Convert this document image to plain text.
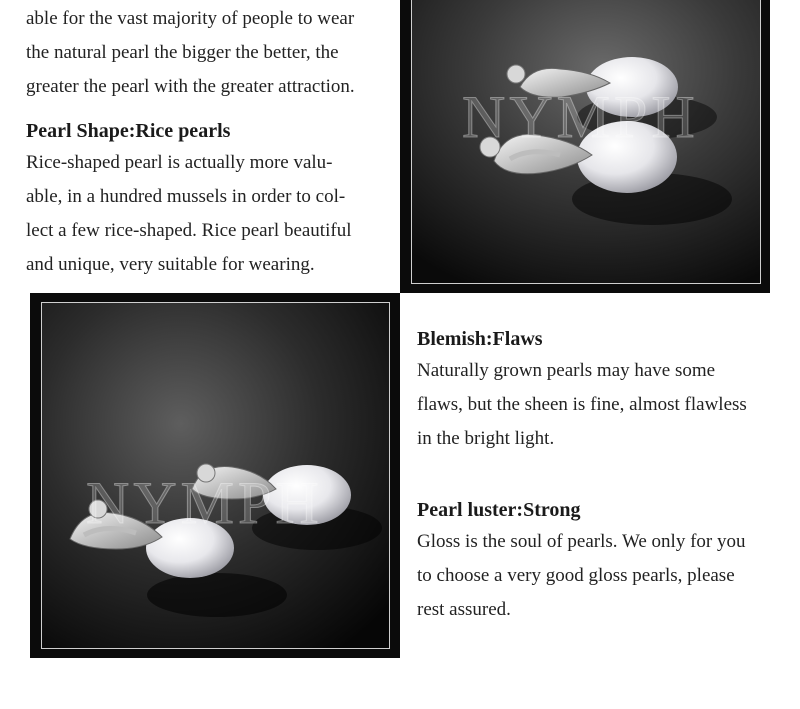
able for the vast majority of people to wear

the natural pearl the bigger the better, the

greater the pearl with the greater attraction.

Pearl Shape:Rice pearls

Rice-shaped pearl is actually more valu-

able, in a hundred mussels in order to col-

lect a few rice-shaped. Rice pearl beautiful

and unique, very suitable for wearing.

NYMPH
NYMPH
Blemish:Flaws

Naturally grown pearls may have some

flaws, but the sheen is fine, almost flawless

in the bright light.

Pearl luster:Strong

Gloss is the soul of pearls. We only for you

to choose a very good gloss pearls, please

rest assured.
